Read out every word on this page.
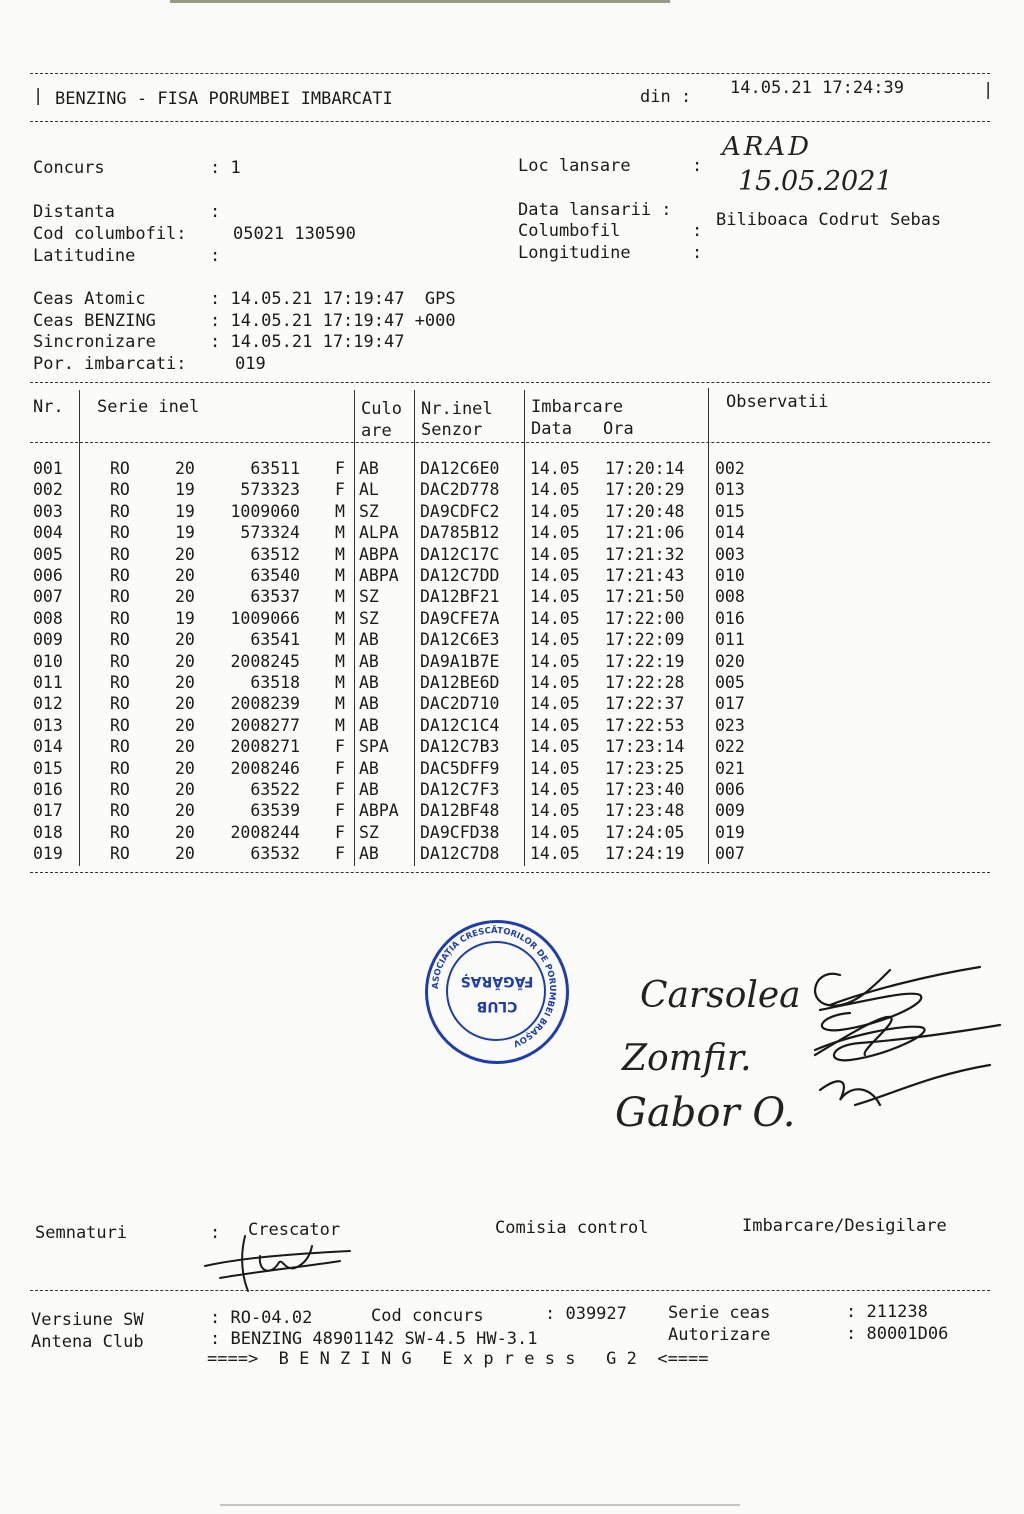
| BENZING - FISA PORUMBEI IMBARCATI	din : 14.05.21 17:24:39	|
Concurs	: 1	Loc lansare	:
ARAD
Distanta	:	Data lansarii :
15.05.2021
Cod columbofil:	05021 130590	Columbofil	:
Biliboaca Codrut Sebas
Latitudine	:	Longitudine	:
Ceas Atomic	: 14.05.21 17:19:47  GPS
Ceas BENZING	: 14.05.21 17:19:47 +000
Sincronizare	: 14.05.21 17:19:47
Por. imbarcati:	019
Nr. Serie inel	Culo
are
Nr.inel
Senzor
Imbarcare
Data Ora
Observatii
001	RO	20	63511 F AB DA12C6E0 14.05 17:20:14 002
002	RO	19	573323 F AL DAC2D778 14.05 17:20:29 013
003	RO	19	1009060 M SZ DA9CDFC2 14.05 17:20:48 015
004	RO	19	573324 M ALPA DA785B12 14.05 17:21:06 014
005	RO	20	63512 M ABPA DA12C17C 14.05 17:21:32 003
006	RO	20	63540 M ABPA DA12C7DD 14.05 17:21:43 010
007	RO	20	63537 M SZ DA12BF21 14.05 17:21:50 008
008	RO	19	1009066 M SZ DA9CFE7A 14.05 17:22:00 016
009	RO	20	63541 M AB DA12C6E3 14.05 17:22:09 011
010	RO	20	2008245 M AB DA9A1B7E 14.05 17:22:19 020
011	RO	20	63518 M AB DA12BE6D 14.05 17:22:28 005
012	RO	20	2008239 M AB DAC2D710 14.05 17:22:37 017
013	RO	20	2008277 M AB DA12C1C4 14.05 17:22:53 023
014	RO	20	2008271 F SPA DA12C7B3 14.05 17:23:14 022
015	RO	20	2008246 F AB DAC5DFF9 14.05 17:23:25 021
016	RO	20	63522 F AB DA12C7F3 14.05 17:23:40 006
017	RO	20	63539 F ABPA DA12BF48 14.05 17:23:48 009
018	RO	20	2008244 F SZ DA9CFD38 14.05 17:24:05 019
019	RO	20	63532 F AB DA12C7D8 14.05 17:24:19 007
CLUB
FĂGĂRAȘ
ASOCIAȚIA CRESCĂTORILOR DE PORUMBEI BRAȘOV
Carsolea
Zomfir.
Gabor O.
Semnaturi	: Crescator	Comisia control	Imbarcare/Desigilare
Versiune SW	: RO-04.02	Cod concurs	: 039927 Serie ceas	: 211238
Antena Club	: BENZING 48901142 SW-4.5 HW-3.1	Autorizare	: 80001D06
====>  B E N Z I N G   E x p r e s s   G 2  <====
